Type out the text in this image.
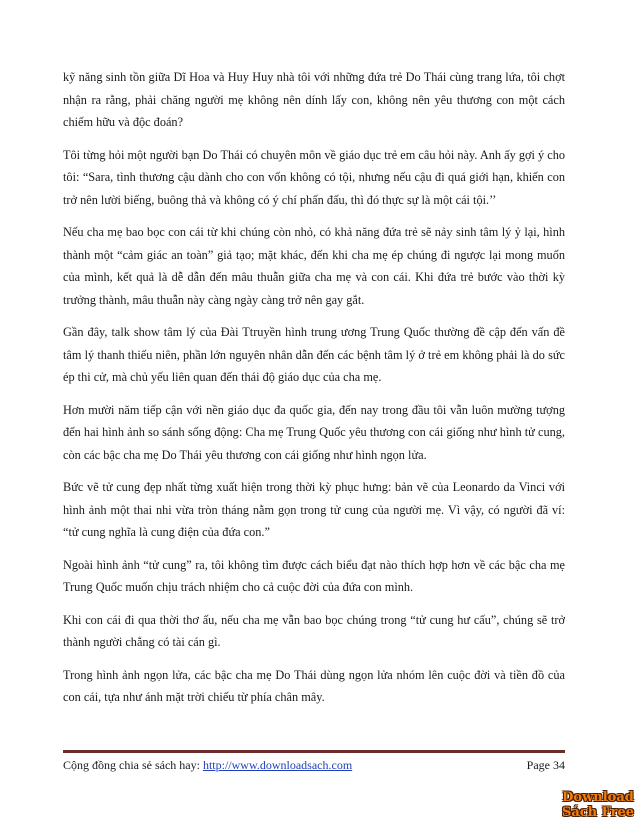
kỹ năng sinh tồn giữa Dĩ Hoa và Huy Huy nhà tôi với những đứa trẻ Do Thái cùng trang lứa, tôi chợt nhận ra rằng, phải chăng người mẹ không nên dính lấy con, không nên yêu thương con một cách chiếm hữu và độc đoán?

Tôi từng hỏi một người bạn Do Thái có chuyên môn về giáo dục trẻ em câu hỏi này. Anh ấy gợi ý cho tôi: “Sara, tình thương cậu dành cho con vốn không có tội, nhưng nếu cậu đi quá giới hạn, khiến con trở nên lười biếng, buông thả và không có ý chí phấn đấu, thì đó thực sự là một cái tội.’’

Nếu cha mẹ bao bọc con cái từ khi chúng còn nhỏ, có khả năng đứa trẻ sẽ nảy sinh tâm lý ỷ lại, hình thành một “cảm giác an toàn” giả tạo; mặt khác, đến khi cha mẹ ép chúng đi ngược lại mong muốn của mình, kết quả là dễ dẫn đến mâu thuẫn giữa cha mẹ và con cái. Khi đứa trẻ bước vào thời kỳ trưởng thành, mâu thuẫn này càng ngày càng trở nên gay gắt.

Gần đây, talk show tâm lý của Đài Ttruyền hình trung ương Trung Quốc thường đề cập đến vấn đề tâm lý thanh thiếu niên, phần lớn nguyên nhân dẫn đến các bệnh tâm lý ở trẻ em không phải là do sức ép thi cử, mà chủ yếu liên quan đến thái độ giáo dục của cha mẹ.

Hơn mười năm tiếp cận với nền giáo dục đa quốc gia, đến nay trong đầu tôi vẫn luôn mường tượng đến hai hình ảnh so sánh sống động: Cha mẹ Trung Quốc yêu thương con cái giống như hình tử cung, còn các bậc cha mẹ Do Thái yêu thương con cái giống như hình ngọn lửa.

Bức vẽ tử cung đẹp nhất từng xuất hiện trong thời kỳ phục hưng: bản vẽ của Leonardo da Vinci với hình ảnh một thai nhi vừa tròn tháng nằm gọn trong tử cung của người mẹ. Vì vậy, có người đã ví: “tử cung nghĩa là cung điện của đứa con.”

Ngoài hình ảnh “tử cung” ra, tôi không tìm được cách biểu đạt nào thích hợp hơn về các bậc cha mẹ Trung Quốc muốn chịu trách nhiệm cho cả cuộc đời của đứa con mình.

Khi con cái đi qua thời thơ ấu, nếu cha mẹ vẫn bao bọc chúng trong “tử cung hư cấu”, chúng sẽ trở thành người chẳng có tài cán gì.

Trong hình ảnh ngọn lửa, các bậc cha mẹ Do Thái dùng ngọn lửa nhóm lên cuộc đời và tiền đồ của con cái, tựa như ánh mặt trời chiếu từ phía chân mây.

Cộng đồng chia sẻ sách hay: http://www.downloadsach.com	Page 34
Download
Sách Free
